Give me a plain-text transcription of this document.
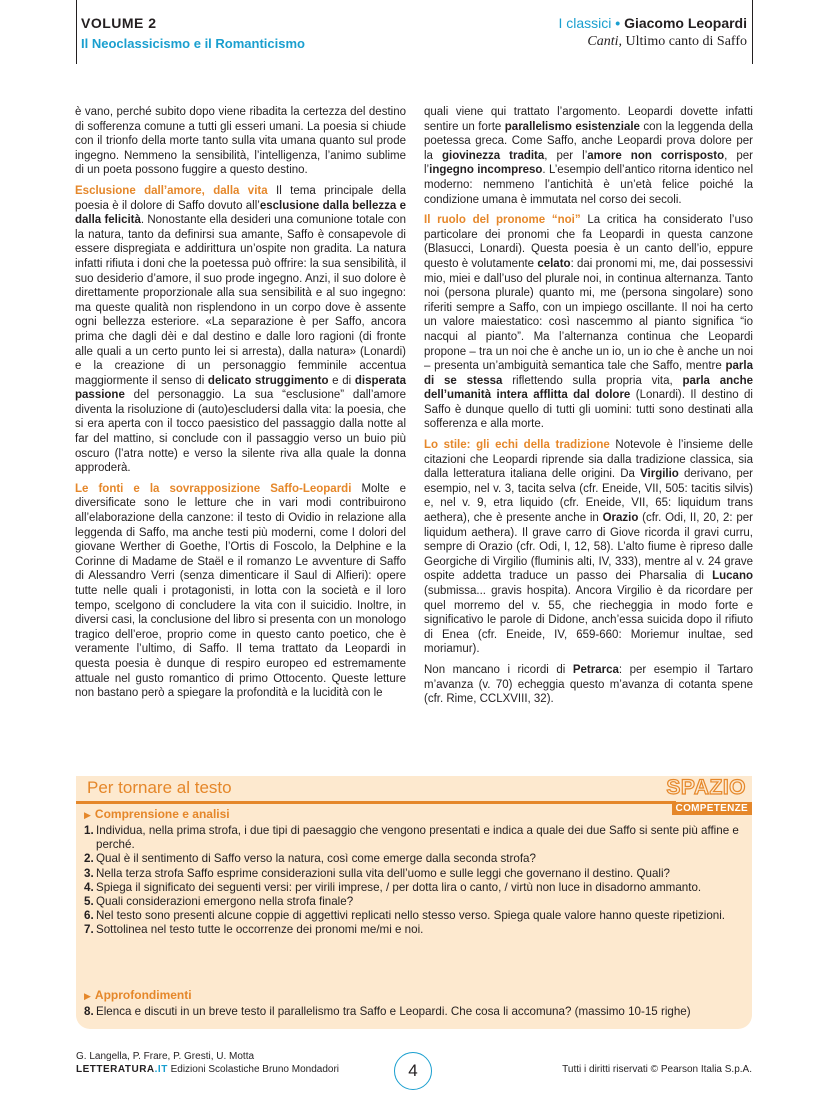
VOLUME 2
Il Neoclassicismo e il Romanticismo
I classici • Giacomo Leopardi
Canti, Ultimo canto di Saffo

è vano, perché subito dopo viene ribadita la certezza del destino di sofferenza comune a tutti gli esseri umani. La poesia si chiude con il trionfo della morte tanto sulla vita umana quanto sul prode ingegno. Nemmeno la sensibilità, l’intelligenza, l’animo sublime di un poeta possono fuggire a questo destino.

Esclusione dall’amore, dalla vita Il tema principale della poesia è il dolore di Saffo dovuto all’esclusione dalla bellezza e dalla felicità. Nonostante ella desideri una comunione totale con la natura, tanto da definirsi sua amante, Saffo è consapevole di essere dispregiata e addirittura un’ospite non gradita. La natura infatti rifiuta i doni che la poetessa può offrire: la sua sensibilità, il suo desiderio d’amore, il suo prode ingegno. Anzi, il suo dolore è direttamente proporzionale alla sua sensibilità e al suo ingegno: ma queste qualità non risplendono in un corpo dove è assente ogni bellezza esteriore. «La separazione è per Saffo, ancora prima che dagli dèi e dal destino e dalle loro ragioni (di fronte alle quali a un certo punto lei si arresta), dalla natura» (Lonardi) e la creazione di un personaggio femminile accentua maggiormente il senso di delicato struggimento e di disperata passione del personaggio. La sua “esclusione” dall’amore diventa la risoluzione di (auto)escludersi dalla vita: la poesia, che si era aperta con il tocco paesistico del passaggio dalla notte al far del mattino, si conclude con il passaggio verso un buio più oscuro (l’atra notte) e verso la silente riva alla quale la donna approderà.

Le fonti e la sovrapposizione Saffo-Leopardi Molte e diversificate sono le letture che in vari modi contribuirono all’elaborazione della canzone: il testo di Ovidio in relazione alla leggenda di Saffo, ma anche testi più moderni, come I dolori del giovane Werther di Goethe, l’Ortis di Foscolo, la Delphine e la Corinne di Madame de Staël e il romanzo Le avventure di Saffo di Alessandro Verri (senza dimenticare il Saul di Alfieri): opere tutte nelle quali i protagonisti, in lotta con la società e il loro tempo, scelgono di concludere la vita con il suicidio. Inoltre, in diversi casi, la conclusione del libro si presenta con un monologo tragico dell’eroe, proprio come in questo canto poetico, che è veramente l’ultimo, di Saffo. Il tema trattato da Leopardi in questa poesia è dunque di respiro europeo ed estremamente attuale nel gusto romantico di primo Ottocento. Queste letture non bastano però a spiegare la profondità e la lucidità con le

quali viene qui trattato l’argomento. Leopardi dovette infatti sentire un forte parallelismo esistenziale con la leggenda della poetessa greca. Come Saffo, anche Leopardi prova dolore per la giovinezza tradita, per l’amore non corrisposto, per l’ingegno incompreso. L’esempio dell’antico ritorna identico nel moderno: nemmeno l’antichità è un’età felice poiché la condizione umana è immutata nel corso dei secoli.

Il ruolo del pronome “noi” La critica ha considerato l’uso particolare dei pronomi che fa Leopardi in questa canzone (Blasucci, Lonardi). Questa poesia è un canto dell’io, eppure questo è volutamente celato: dai pronomi mi, me, dai possessivi mio, miei e dall’uso del plurale noi, in continua alternanza. Tanto noi (persona plurale) quanto mi, me (persona singolare) sono riferiti sempre a Saffo, con un impiego oscillante. Il noi ha certo un valore maiestatico: così nascemmo al pianto significa “io nacqui al pianto”. Ma l’alternanza continua che Leopardi propone – tra un noi che è anche un io, un io che è anche un noi – presenta un’ambiguità semantica tale che Saffo, mentre parla di se stessa riflettendo sulla propria vita, parla anche dell’umanità intera afflitta dal dolore (Lonardi). Il destino di Saffo è dunque quello di tutti gli uomini: tutti sono destinati alla sofferenza e alla morte.

Lo stile: gli echi della tradizione Notevole è l’insieme delle citazioni che Leopardi riprende sia dalla tradizione classica, sia dalla letteratura italiana delle origini. Da Virgilio derivano, per esempio, nel v. 3, tacita selva (cfr. Eneide, VII, 505: tacitis silvis) e, nel v. 9, etra liquido (cfr. Eneide, VII, 65: liquidum trans aethera), che è presente anche in Orazio (cfr. Odi, II, 20, 2: per liquidum aethera). Il grave carro di Giove ricorda il gravi curru, sempre di Orazio (cfr. Odi, I, 12, 58). L’alto fiume è ripreso dalle Georgiche di Virgilio (fluminis alti, IV, 333), mentre al v. 24 grave ospite addetta traduce un passo dei Pharsalia di Lucano (submissa... gravis hospita). Ancora Virgilio è da ricordare per quel morremo del v. 55, che riecheggia in modo forte e significativo le parole di Didone, anch’essa suicida dopo il rifiuto di Enea (cfr. Eneide, IV, 659-660: Moriemur inultae, sed moriamur).

Non mancano i ricordi di Petrarca: per esempio il Tartaro m’avanza (v. 70) echeggia questo m’avanza di cotanta spene (cfr. Rime, CCLXVIII, 32).

Per tornare al testo	SPAZIO
COMPETENZE
▶ Comprensione e analisi
1. Individua, nella prima strofa, i due tipi di paesaggio che vengono presentati e indica a quale dei due Saffo si sente più affine e perché.
2. Qual è il sentimento di Saffo verso la natura, così come emerge dalla seconda strofa?
3. Nella terza strofa Saffo esprime considerazioni sulla vita dell’uomo e sulle leggi che governano il destino. Quali?
4. Spiega il significato dei seguenti versi: per virili imprese, / per dotta lira o canto, / virtù non luce in disadorno ammanto.
5. Quali considerazioni emergono nella strofa finale?
6. Nel testo sono presenti alcune coppie di aggettivi replicati nello stesso verso. Spiega quale valore hanno queste ripetizioni.
7. Sottolinea nel testo tutte le occorrenze dei pronomi me/mi e noi.
▶ Approfondimenti
8. Elenca e discuti in un breve testo il parallelismo tra Saffo e Leopardi. Che cosa li accomuna? (massimo 10-15 righe)
G. Langella, P. Frare, P. Gresti, U. Motta
LETTERATURA.IT Edizioni Scolastiche Bruno Mondadori	4	Tutti i diritti riservati © Pearson Italia S.p.A.
